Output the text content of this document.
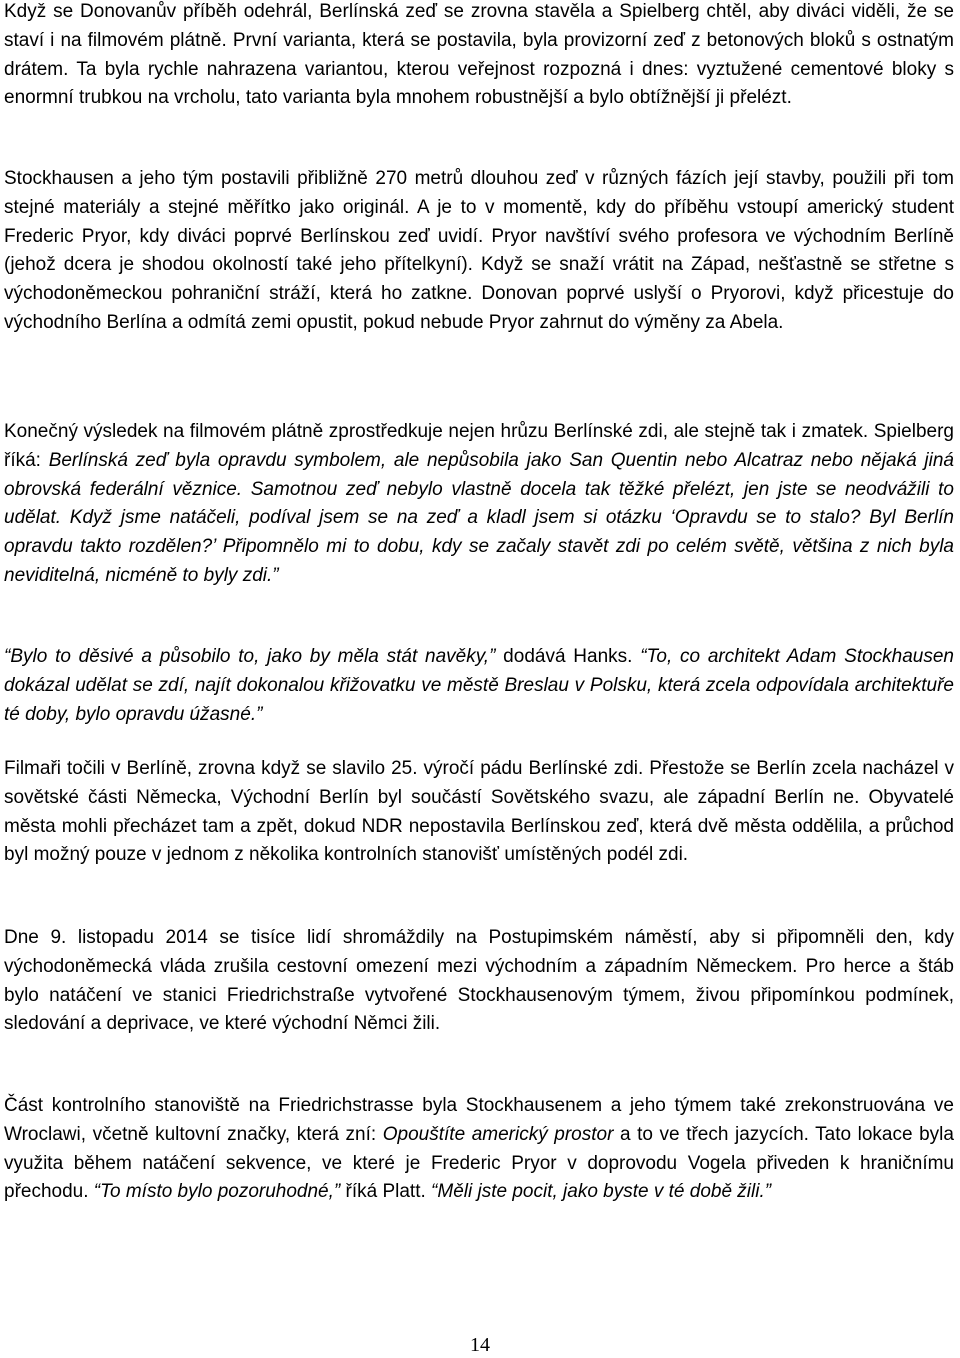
Když se Donovanův příběh odehrál, Berlínská zeď se zrovna stavěla a Spielberg chtěl, aby diváci viděli, že se staví i na filmovém plátně. První varianta, která se postavila, byla provizorní zeď z betonových bloků s ostnatým drátem. Ta byla rychle nahrazena variantou, kterou veřejnost rozpozná i dnes: vyztužené cementové bloky s enormní trubkou na vrcholu, tato varianta byla mnohem robustnější a bylo obtížnější ji přelézt.

Stockhausen a jeho tým postavili přibližně 270 metrů dlouhou zeď v různých fázích její stavby, použili při tom stejné materiály a stejné měřítko jako originál. A je to v momentě, kdy do příběhu vstoupí americký student Frederic Pryor, kdy diváci poprvé Berlínskou zeď uvidí. Pryor navštíví svého profesora ve východním Berlíně (jehož dcera je shodou okolností také jeho přítelkyní). Když se snaží vrátit na Západ, nešťastně se střetne s východoněmeckou pohraniční stráží, která ho zatkne. Donovan poprvé uslyší o Pryorovi, když přicestuje do východního Berlína a odmítá zemi opustit, pokud nebude Pryor zahrnut do výměny za Abela.

Konečný výsledek na filmovém plátně zprostředkuje nejen hrůzu Berlínské zdi, ale stejně tak i zmatek. Spielberg říká: Berlínská zeď byla opravdu symbolem, ale nepůsobila jako San Quentin nebo Alcatraz nebo nějaká jiná obrovská federální věznice. Samotnou zeď nebylo vlastně docela tak těžké přelézt, jen jste se neodvážili to udělat. Když jsme natáčeli, podíval jsem se na zeď a kladl jsem si otázku ‘Opravdu se to stalo? Byl Berlín opravdu takto rozdělen?’ Připomnělo mi to dobu, kdy se začaly stavět zdi po celém světě, většina z nich byla neviditelná, nicméně to byly zdi.”

“Bylo to děsivé a působilo to, jako by měla stát navěky,” dodává Hanks. “To, co architekt Adam Stockhausen dokázal udělat se zdí, najít dokonalou křižovatku ve městě Breslau v Polsku, která zcela odpovídala architektuře té doby, bylo opravdu úžasné.”

Filmaři točili v Berlíně, zrovna když se slavilo 25. výročí pádu Berlínské zdi. Přestože se Berlín zcela nacházel v sovětské části Německa, Východní Berlín byl součástí Sovětského svazu, ale západní Berlín ne. Obyvatelé města mohli přecházet tam a zpět, dokud NDR nepostavila Berlínskou zeď, která dvě města oddělila, a průchod byl možný pouze v jednom z několika kontrolních stanovišť umístěných podél zdi.

Dne 9. listopadu 2014 se tisíce lidí shromáždily na Postupimském náměstí, aby si připomněli den, kdy východoněmecká vláda zrušila cestovní omezení mezi východním a západním Německem. Pro herce a štáb bylo natáčení ve stanici Friedrichstraße vytvořené Stockhausenovým týmem, živou připomínkou podmínek, sledování a deprivace, ve které východní Němci žili.

Část kontrolního stanoviště na Friedrichstrasse byla Stockhausenem a jeho týmem také zrekonstruována ve Wroclawi, včetně kultovní značky, která zní: Opouštíte americký prostor a to ve třech jazycích. Tato lokace byla využita během natáčení sekvence, ve které je Frederic Pryor v doprovodu Vogela přiveden k hraničnímu přechodu. “To místo bylo pozoruhodné,” říká Platt. “Měli jste pocit, jako byste v té době žili.”

14
